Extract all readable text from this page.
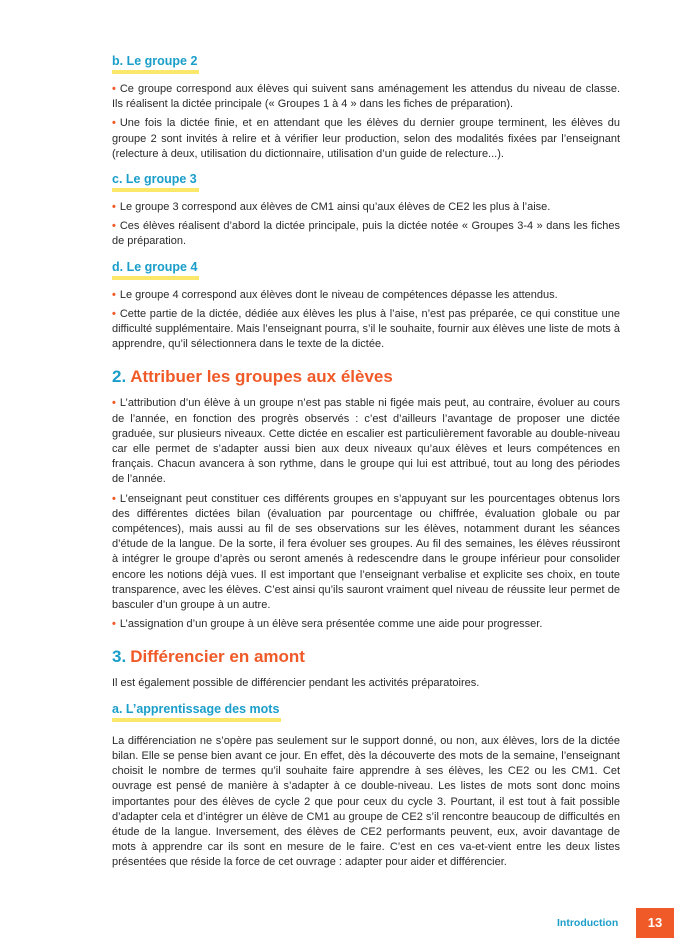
b. Le groupe 2

• Ce groupe correspond aux élèves qui suivent sans aménagement les attendus du niveau de classe. Ils réalisent la dictée principale (« Groupes 1 à 4 » dans les fiches de préparation).

• Une fois la dictée finie, et en attendant que les élèves du dernier groupe terminent, les élèves du groupe 2 sont invités à relire et à vérifier leur production, selon des modalités fixées par l’enseignant (relecture à deux, utilisation du dictionnaire, utilisation d’un guide de relecture...).

c. Le groupe 3

• Le groupe 3 correspond aux élèves de CM1 ainsi qu’aux élèves de CE2 les plus à l’aise.

• Ces élèves réalisent d’abord la dictée principale, puis la dictée notée « Groupes 3-4 » dans les fiches de préparation.

d. Le groupe 4

• Le groupe 4 correspond aux élèves dont le niveau de compétences dépasse les attendus.

• Cette partie de la dictée, dédiée aux élèves les plus à l’aise, n’est pas préparée, ce qui constitue une difficulté supplémentaire. Mais l’enseignant pourra, s’il le souhaite, fournir aux élèves une liste de mots à apprendre, qu’il sélectionnera dans le texte de la dictée.

2. Attribuer les groupes aux élèves

• L’attribution d’un élève à un groupe n’est pas stable ni figée mais peut, au contraire, évoluer au cours de l’année, en fonction des progrès observés : c’est d’ailleurs l’avantage de proposer une dictée graduée, sur plusieurs niveaux. Cette dictée en escalier est particulièrement favorable au double-niveau car elle permet de s’adapter aussi bien aux deux niveaux qu’aux élèves et leurs compétences en français. Chacun avancera à son rythme, dans le groupe qui lui est attribué, tout au long des périodes de l’année.

• L’enseignant peut constituer ces différents groupes en s’appuyant sur les pourcentages obtenus lors des différentes dictées bilan (évaluation par pourcentage ou chiffrée, évaluation globale ou par compétences), mais aussi au fil de ses observations sur les élèves, notamment durant les séances d’étude de la langue. De la sorte, il fera évoluer ses groupes. Au fil des semaines, les élèves réussiront à intégrer le groupe d’après ou seront amenés à redescendre dans le groupe inférieur pour consolider encore les notions déjà vues. Il est important que l’enseignant verbalise et explicite ses choix, en toute transparence, avec les élèves. C’est ainsi qu’ils sauront vraiment quel niveau de réussite leur permet de basculer d’un groupe à un autre.

• L’assignation d’un groupe à un élève sera présentée comme une aide pour progresser.

3. Différencier en amont

Il est également possible de différencier pendant les activités préparatoires.

a. L’apprentissage des mots

La différenciation ne s’opère pas seulement sur le support donné, ou non, aux élèves, lors de la dictée bilan. Elle se pense bien avant ce jour. En effet, dès la découverte des mots de la semaine, l’enseignant choisit le nombre de termes qu’il souhaite faire apprendre à ses élèves, les CE2 ou les CM1. Cet ouvrage est pensé de manière à s’adapter à ce double-niveau. Les listes de mots sont donc moins importantes pour des élèves de cycle 2 que pour ceux du cycle 3. Pourtant, il est tout à fait possible d’adapter cela et d’intégrer un élève de CM1 au groupe de CE2 s’il rencontre beaucoup de difficultés en étude de la langue. Inversement, des élèves de CE2 performants peuvent, eux, avoir davantage de mots à apprendre car ils sont en mesure de le faire. C’est en ces va-et-vient entre les deux listes présentées que réside la force de cet ouvrage : adapter pour aider et différencier.

Introduction	13
